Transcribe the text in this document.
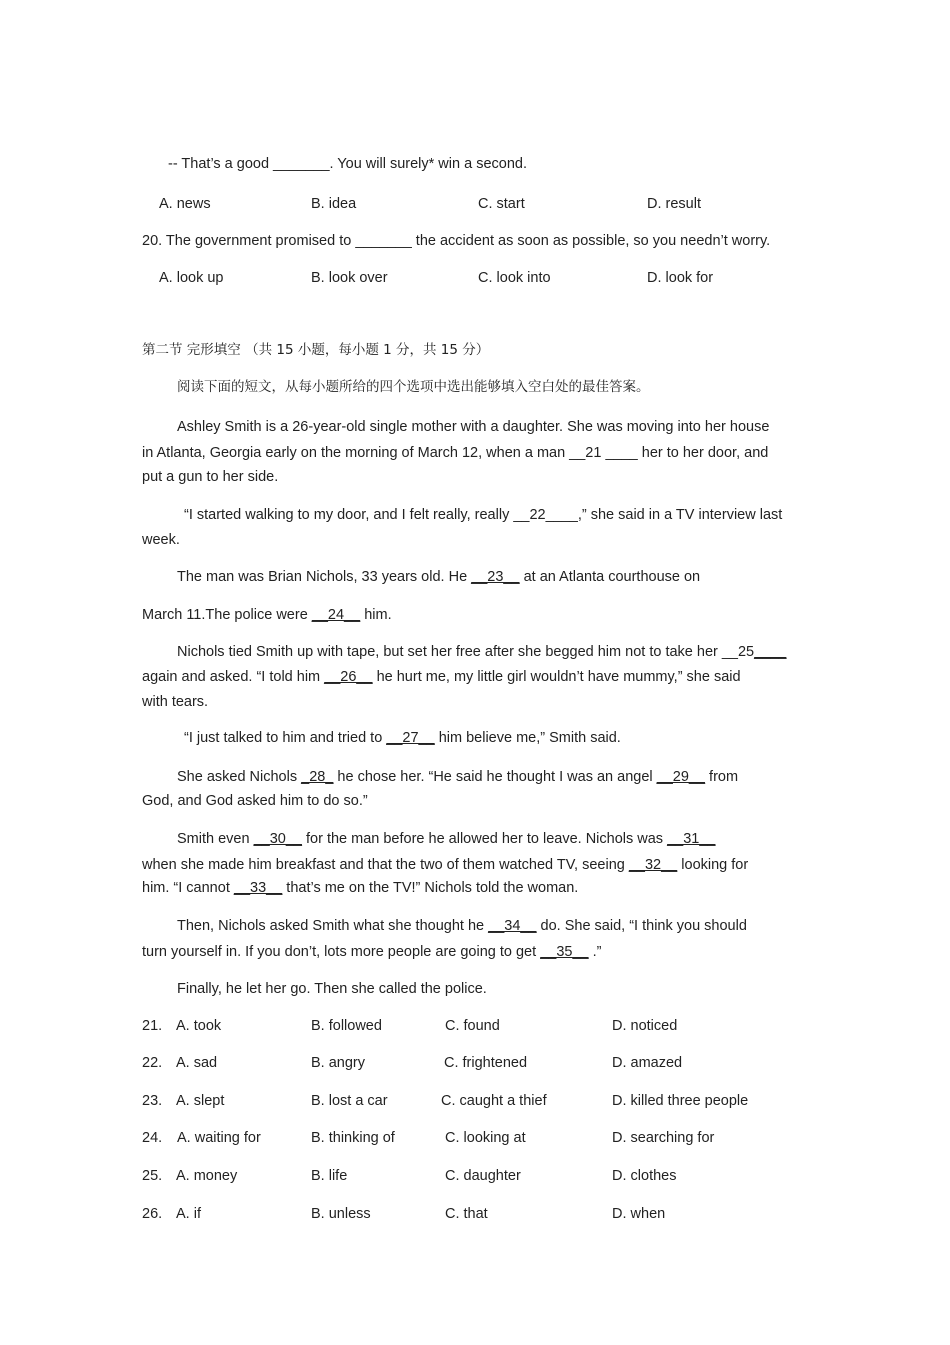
-- That’s a good _______. You will surely* win a second.
A. news	B. idea	C. start	D. result
20. The government promised to _______ the accident as soon as possible, so you needn’t worry.
A. look up	B. look over	C. look into	D. look for
第二节 完形填空 （共 15 小题，每小题 1 分，共 15 分）
阅读下面的短文，从每小题所给的四个选项中选出能够填入空白处的最佳答案。
Ashley Smith is a 26-year-old single mother with a daughter. She was moving into her house
in Atlanta, Georgia early on the morning of March 12, when a man __21 ____ her to her door, and
put a gun to her side.
“I started walking to my door, and I felt really, really __22____,” she said in a TV interview last
week.
The man was Brian Nichols, 33 years old. He __23__ at an Atlanta courthouse on
March 11.The police were __24__ him.
Nichols tied Smith up with tape, but set her free after she begged him not to take her __25____
again and asked. “I told him __26__ he hurt me, my little girl wouldn’t have mummy,” she said
with tears.
“I just talked to him and tried to __27__ him believe me,” Smith said.
She asked Nichols _28_ he chose her. “He said he thought I was an angel __29__ from
God, and God asked him to do so.”
Smith even __30__ for the man before he allowed her to leave. Nichols was __31__
when she made him breakfast and that the two of them watched TV, seeing __32__ looking for
him. “I cannot __33__ that’s me on the TV!” Nichols told the woman.
Then, Nichols asked Smith what she thought he __34__ do. She said, “I think you should
turn yourself in. If you don’t, lots more people are going to get __35__ .”
Finally, he let her go. Then she called the police.
21. A. took	B. followed	C. found	D. noticed
22. A. sad	B. angry	C. frightened	D. amazed
23. A. slept	B. lost a car	C. caught a thief	D. killed three people
24. A. waiting for	B. thinking of	C. looking at	D. searching for
25. A. money	B. life	C. daughter	D. clothes
26. A. if	B. unless	C. that	D. when
